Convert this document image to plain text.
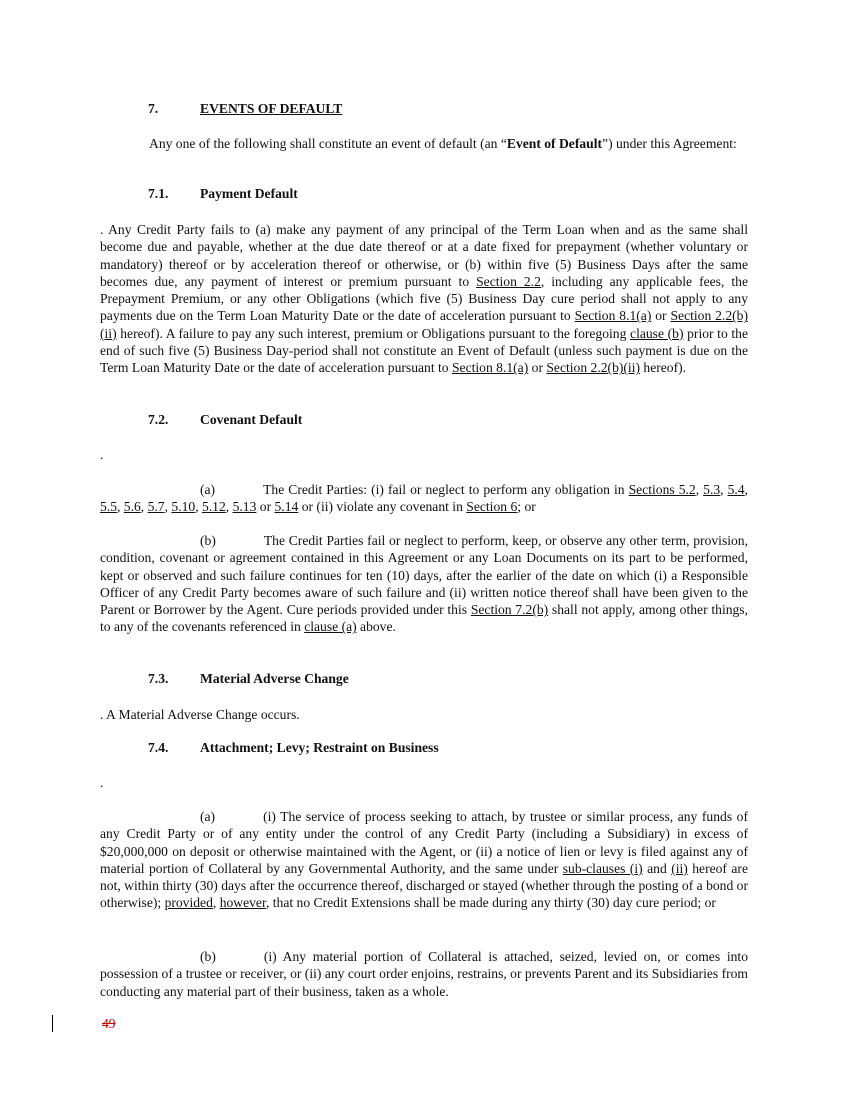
7.	EVENTS OF DEFAULT
Any one of the following shall constitute an event of default (an “Event of Default”) under this Agreement:
7.1. Payment Default
. Any Credit Party fails to (a) make any payment of any principal of the Term Loan when and as the same shall become due and payable, whether at the due date thereof or at a date fixed for prepayment (whether voluntary or mandatory) thereof or by acceleration thereof or otherwise, or (b) within five (5) Business Days after the same becomes due, any payment of interest or premium pursuant to Section 2.2, including any applicable fees, the Prepayment Premium, or any other Obligations (which five (5) Business Day cure period shall not apply to any payments due on the Term Loan Maturity Date or the date of acceleration pursuant to Section 8.1(a) or Section 2.2(b)(ii) hereof). A failure to pay any such interest, premium or Obligations pursuant to the foregoing clause (b) prior to the end of such five (5) Business Day-period shall not constitute an Event of Default (unless such payment is due on the Term Loan Maturity Date or the date of acceleration pursuant to Section 8.1(a) or Section 2.2(b)(ii) hereof).
7.2. Covenant Default
.
(a)	The Credit Parties: (i) fail or neglect to perform any obligation in Sections 5.2, 5.3, 5.4, 5.5, 5.6, 5.7, 5.10, 5.12, 5.13 or 5.14 or (ii) violate any covenant in Section 6; or
(b)	The Credit Parties fail or neglect to perform, keep, or observe any other term, provision, condition, covenant or agreement contained in this Agreement or any Loan Documents on its part to be performed, kept or observed and such failure continues for ten (10) days, after the earlier of the date on which (i) a Responsible Officer of any Credit Party becomes aware of such failure and (ii) written notice thereof shall have been given to the Parent or Borrower by the Agent. Cure periods provided under this Section 7.2(b) shall not apply, among other things, to any of the covenants referenced in clause (a) above.
7.3. Material Adverse Change
. A Material Adverse Change occurs.
7.4. Attachment; Levy; Restraint on Business
.
(a)	(i) The service of process seeking to attach, by trustee or similar process, any funds of any Credit Party or of any entity under the control of any Credit Party (including a Subsidiary) in excess of $20,000,000 on deposit or otherwise maintained with the Agent, or (ii) a notice of lien or levy is filed against any of material portion of Collateral by any Governmental Authority, and the same under sub-clauses (i) and (ii) hereof are not, within thirty (30) days after the occurrence thereof, discharged or stayed (whether through the posting of a bond or otherwise); provided, however, that no Credit Extensions shall be made during any thirty (30) day cure period; or
(b)	(i) Any material portion of Collateral is attached, seized, levied on, or comes into possession of a trustee or receiver, or (ii) any court order enjoins, restrains, or prevents Parent and its Subsidiaries from conducting any material part of their business, taken as a whole.
49
